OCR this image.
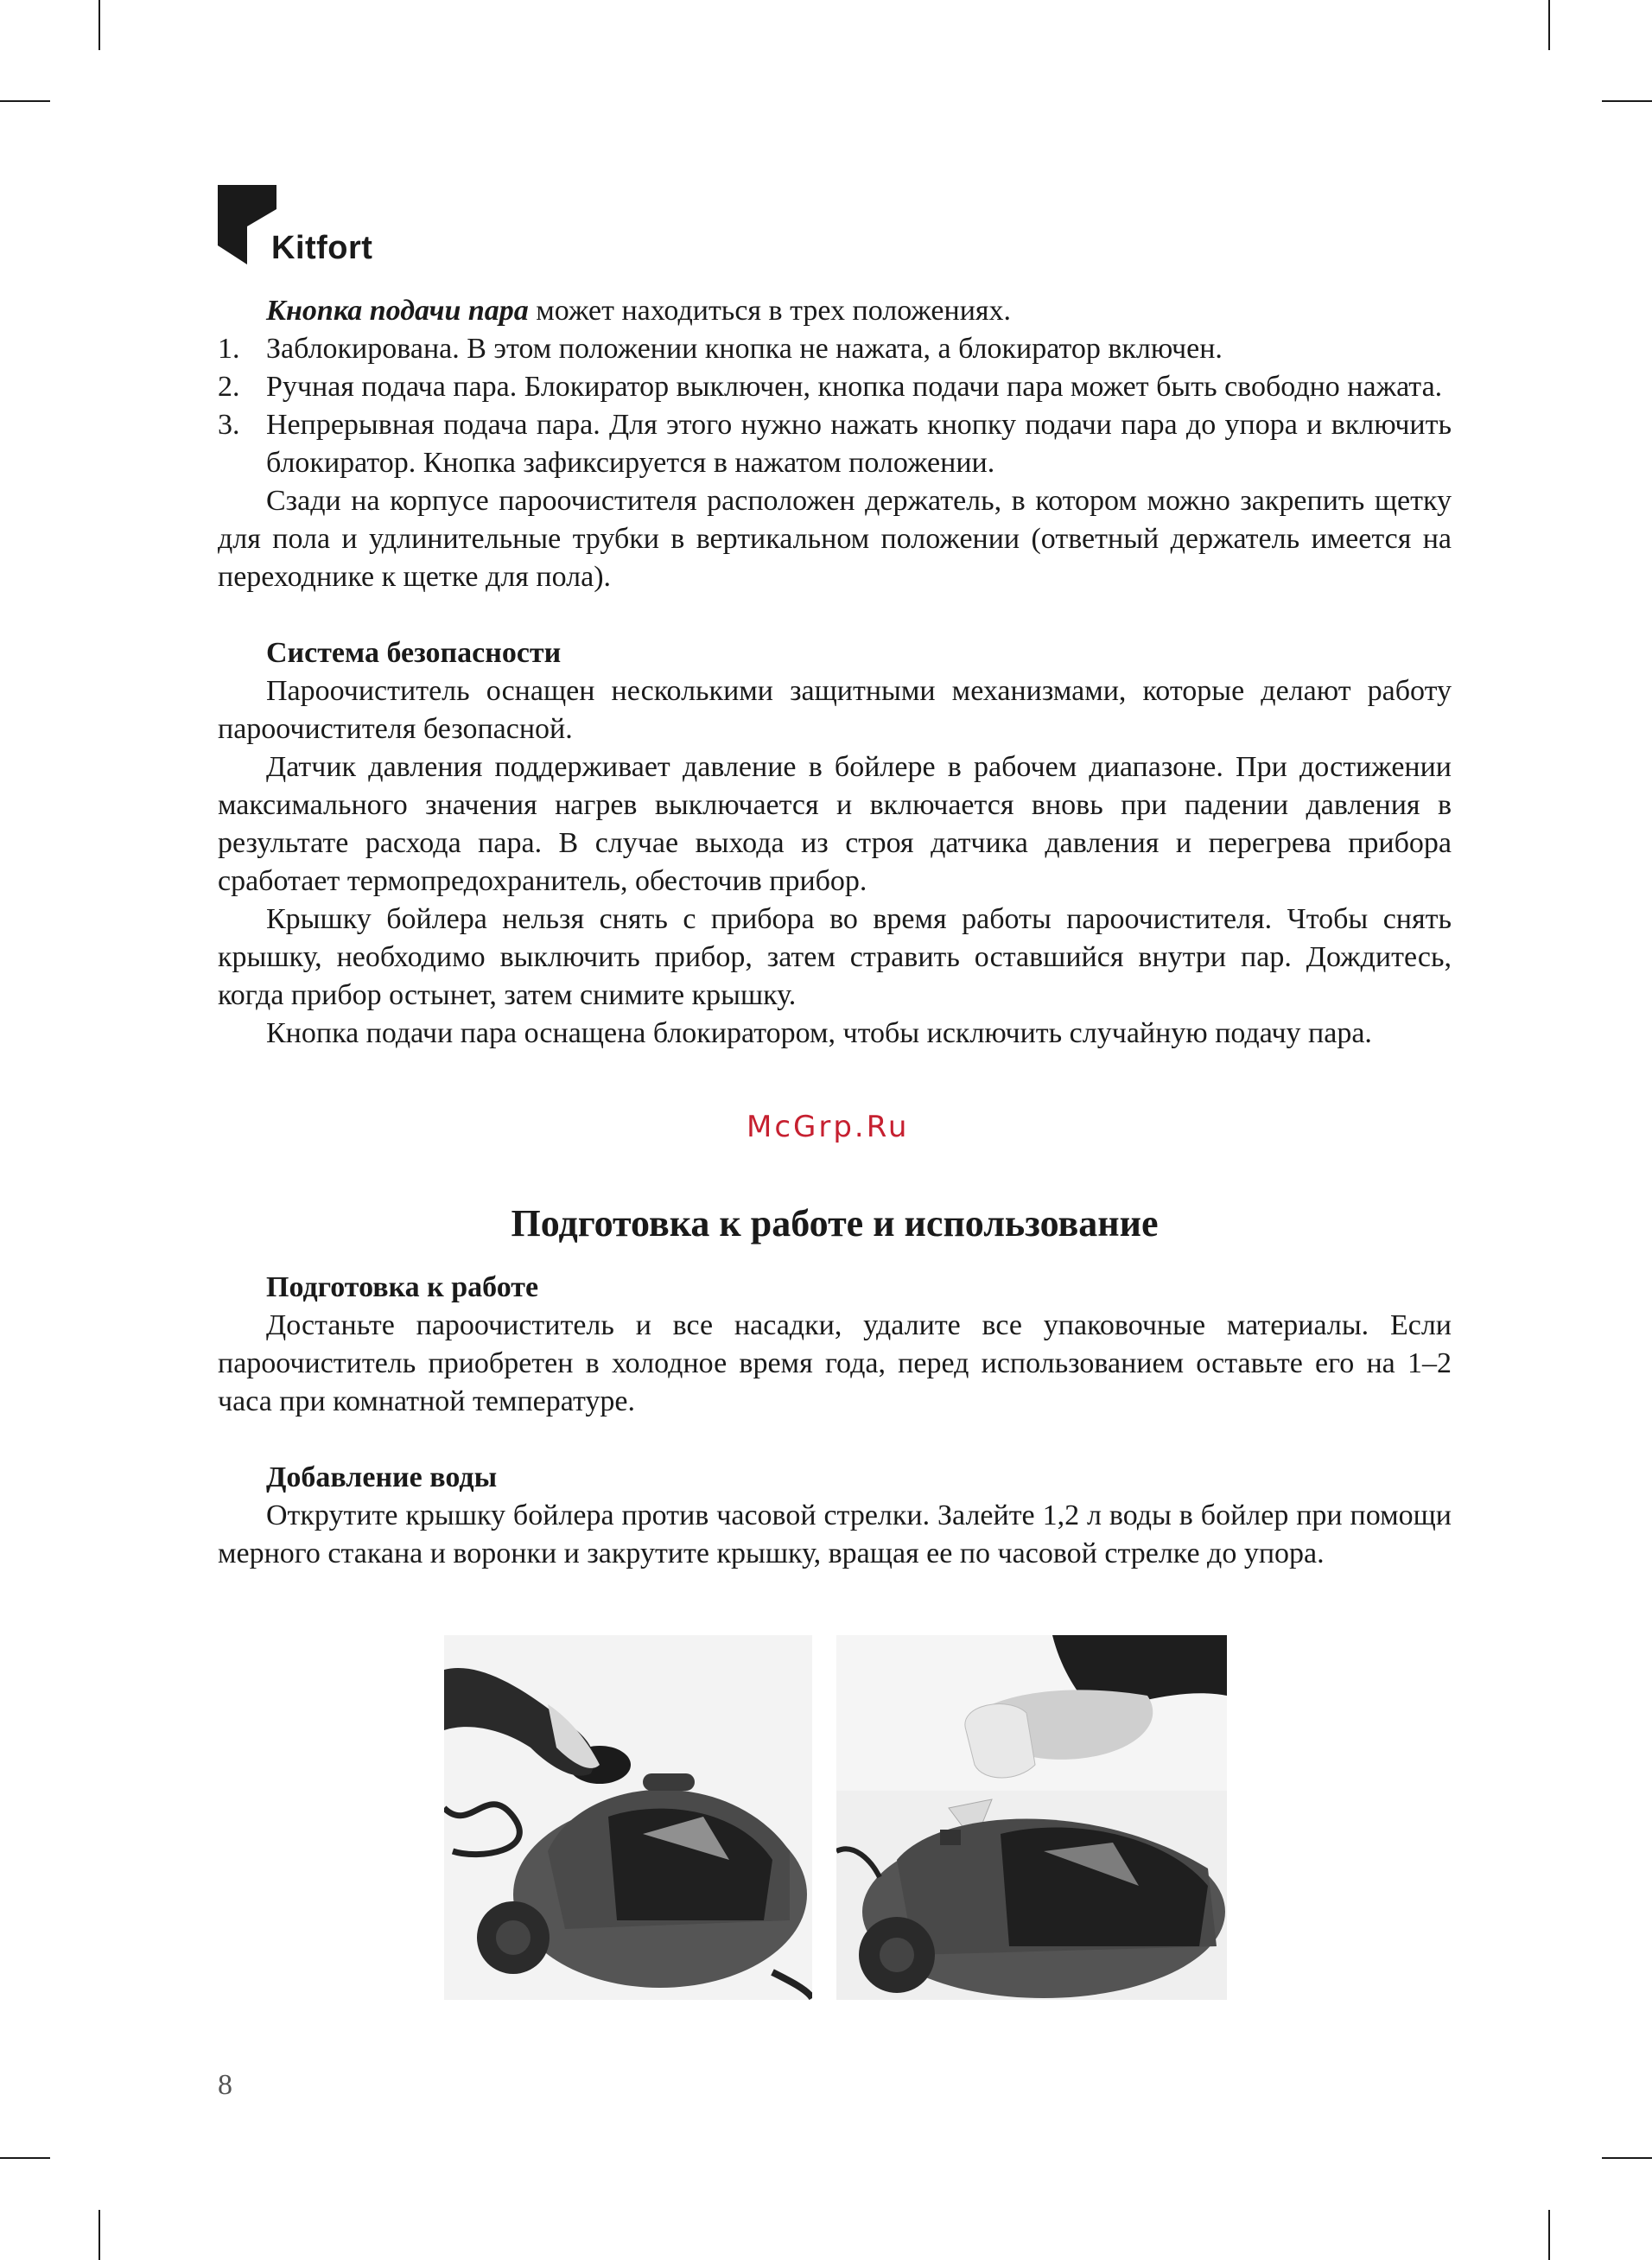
Kitfort

Кнопка подачи пара может находиться в трех положениях.

1. Заблокирована. В этом положении кнопка не нажата, а блокиратор включен.
2. Ручная подача пара. Блокиратор выключен, кнопка подачи пара может быть свободно нажата.
3. Непрерывная подача пара. Для этого нужно нажать кнопку подачи пара до упора и включить блокиратор. Кнопка зафиксируется в нажатом положении.

Сзади на корпусе пароочистителя расположен держатель, в котором можно закрепить щетку для пола и удлинительные трубки в вертикальном положении (ответный держатель имеется на переходнике к щетке для пола).

Система безопасности

Пароочиститель оснащен несколькими защитными механизмами, которые делают работу пароочистителя безопасной.

Датчик давления поддерживает давление в бойлере в рабочем диапазоне. При достижении максимального значения нагрев выключается и включается вновь при падении давления в результате расхода пара. В случае выхода из строя датчика давления и перегрева прибора сработает термопредохранитель, обесточив прибор.

Крышку бойлера нельзя снять с прибора во время работы пароочистителя. Чтобы снять крышку, необходимо выключить прибор, затем стравить оставшийся внутри пар. Дождитесь, когда прибор остынет, затем снимите крышку.

Кнопка подачи пара оснащена блокиратором, чтобы исключить случайную подачу пара.

McGrp.Ru

Подготовка к работе и использование

Подготовка к работе

Достаньте пароочиститель и все насадки, удалите все упаковочные материалы. Если пароочиститель приобретен в холодное время года, перед использованием оставьте его на 1–2 часа при комнатной температуре.

Добавление воды

Открутите крышку бойлера против часовой стрелки. Залейте 1,2 л воды в бойлер при помощи мерного стакана и воронки и закрутите крышку, вращая ее по часовой стрелке до упора.

8
